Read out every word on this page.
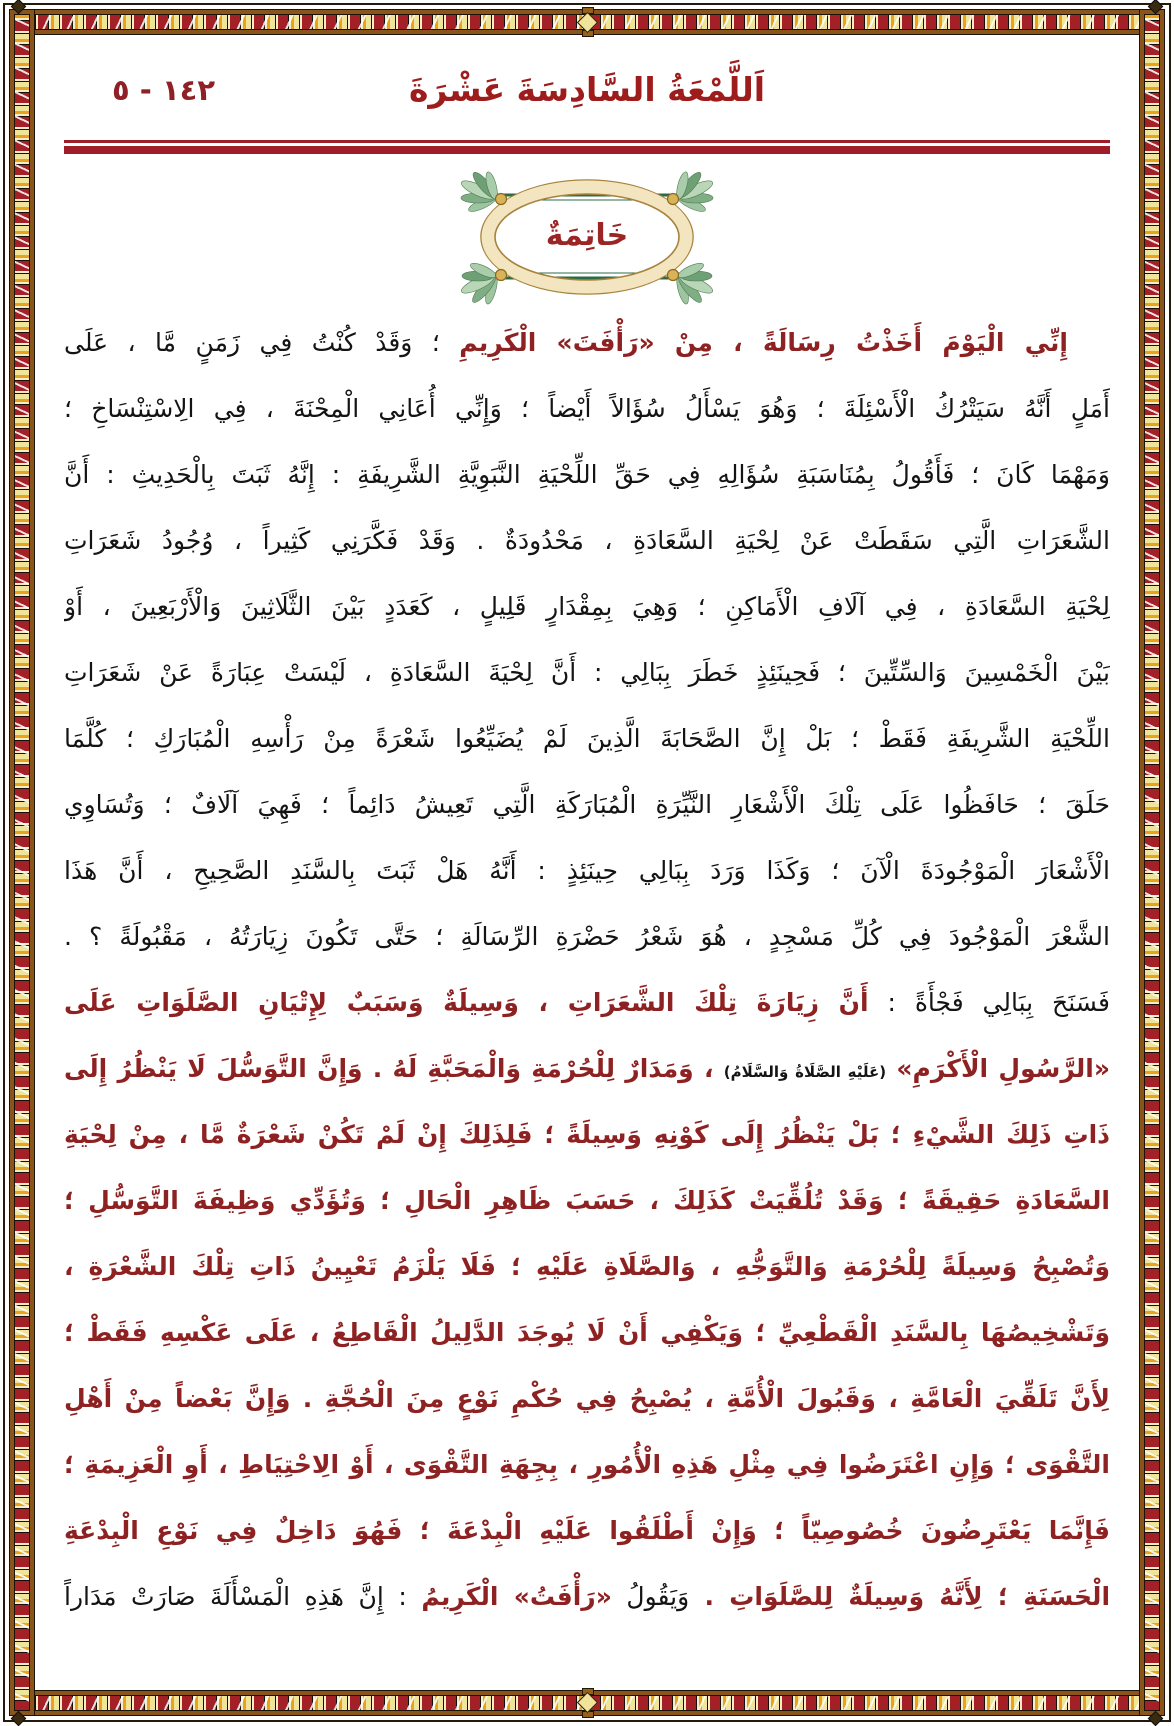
١٤٢ - ٥	اَللَّمْعَةُ السَّادِسَةَ عَشْرَةَ
خَاتِمَةٌ
إِنِّي الْيَوْمَ أَخَذْتُ رِسَالَةً ، مِنْ «رَأْفَتَ» الْكَرِيمِ ؛ وَقَدْ كُنْتُ فِي زَمَنٍ مَّا ، عَلَى
أَمَلٍ أَنَّهُ سَيَتْرُكُ الْأَسْئِلَةَ ؛ وَهُوَ يَسْأَلُ سُؤَالاً أَيْضاً ؛ وَإِنِّي أُعَانِي الْمِحْنَةَ ، فِي الِاسْتِنْسَاخِ ؛
وَمَهْمَا كَانَ ؛ فَأَقُولُ بِمُنَاسَبَةِ سُؤَالِهِ فِي حَقِّ اللِّحْيَةِ النَّبَوِيَّةِ الشَّرِيفَةِ : إِنَّهُ ثَبَتَ بِالْحَدِيثِ : أَنَّ
الشَّعَرَاتِ الَّتِي سَقَطَتْ عَنْ لِحْيَةِ السَّعَادَةِ ، مَحْدُودَةٌ . وَقَدْ فَكَّرَنِي كَثِيراً ، وُجُودُ شَعَرَاتِ
لِحْيَةِ السَّعَادَةِ ، فِي آلَافِ الْأَمَاكِنِ ؛ وَهِيَ بِمِقْدَارٍ قَلِيلٍ ، كَعَدَدٍ بَيْنَ الثَّلَاثِينَ وَالْأَرْبَعِينَ ، أَوْ
بَيْنَ الْخَمْسِينَ وَالسِّتِّينَ ؛ فَحِينَئِذٍ خَطَرَ بِبَالِي : أَنَّ لِحْيَةَ السَّعَادَةِ ، لَيْسَتْ عِبَارَةً عَنْ شَعَرَاتِ
اللِّحْيَةِ الشَّرِيفَةِ فَقَطْ ؛ بَلْ إِنَّ الصَّحَابَةَ الَّذِينَ لَمْ يُضَيِّعُوا شَعْرَةً مِنْ رَأْسِهِ الْمُبَارَكِ ؛ كُلَّمَا
حَلَقَ ؛ حَافَظُوا عَلَى تِلْكَ الْأَشْعَارِ النَّيِّرَةِ الْمُبَارَكَةِ الَّتِي تَعِيشُ دَائِماً ؛ فَهِيَ آلَافٌ ؛ وَتُسَاوِي
الْأَشْعَارَ الْمَوْجُودَةَ الْآنَ ؛ وَكَذَا وَرَدَ بِبَالِي حِينَئِذٍ : أَنَّهُ هَلْ ثَبَتَ بِالسَّنَدِ الصَّحِيحِ ، أَنَّ هَذَا
الشَّعْرَ الْمَوْجُودَ فِي كُلِّ مَسْجِدٍ ، هُوَ شَعْرُ حَضْرَةِ الرِّسَالَةِ ؛ حَتَّى تَكُونَ زِيَارَتُهُ ، مَقْبُولَةً ؟ .
فَسَنَحَ بِبَالِي فَجْأَةً : أَنَّ زِيَارَةَ تِلْكَ الشَّعَرَاتِ ، وَسِيلَةٌ وَسَبَبٌ لِإِتْيَانِ الصَّلَوَاتِ عَلَى
«الرَّسُولِ الْأَكْرَمِ» (عَلَيْهِ الصَّلَاةُ وَالسَّلَامُ) ، وَمَدَارٌ لِلْحُرْمَةِ وَالْمَحَبَّةِ لَهُ . وَإِنَّ التَّوَسُّلَ لَا يَنْظُرُ إِلَى
ذَاتِ ذَلِكَ الشَّيْءِ ؛ بَلْ يَنْظُرُ إِلَى كَوْنِهِ وَسِيلَةً ؛ فَلِذَلِكَ إِنْ لَمْ تَكُنْ شَعْرَةٌ مَّا ، مِنْ لِحْيَةِ
السَّعَادَةِ حَقِيقَةً ؛ وَقَدْ تُلُقِّيَتْ كَذَلِكَ ، حَسَبَ ظَاهِرِ الْحَالِ ؛ وَتُؤَدِّي وَظِيفَةَ التَّوَسُّلِ ؛
وَتُصْبِحُ وَسِيلَةً لِلْحُرْمَةِ وَالتَّوَجُّهِ ، وَالصَّلَاةِ عَلَيْهِ ؛ فَلَا يَلْزَمُ تَعْيِينُ ذَاتِ تِلْكَ الشَّعْرَةِ ،
وَتَشْخِيصُهَا بِالسَّنَدِ الْقَطْعِيِّ ؛ وَيَكْفِي أَنْ لَا يُوجَدَ الدَّلِيلُ الْقَاطِعُ ، عَلَى عَكْسِهِ فَقَطْ ؛
لِأَنَّ تَلَقِّيَ الْعَامَّةِ ، وَقَبُولَ الْأُمَّةِ ، يُصْبِحُ فِي حُكْمِ نَوْعٍ مِنَ الْحُجَّةِ . وَإِنَّ بَعْضاً مِنْ أَهْلِ
التَّقْوَى ؛ وَإِنِ اعْتَرَضُوا فِي مِثْلِ هَذِهِ الْأُمُورِ ، بِجِهَةِ التَّقْوَى ، أَوْ الِاحْتِيَاطِ ، أَوِ الْعَزِيمَةِ ؛
فَإِنَّمَا يَعْتَرِضُونَ خُصُوصِيّاً ؛ وَإِنْ أَطْلَقُوا عَلَيْهِ الْبِدْعَةَ ؛ فَهُوَ دَاخِلٌ فِي نَوْعِ الْبِدْعَةِ
الْحَسَنَةِ ؛ لِأَنَّهُ وَسِيلَةٌ لِلصَّلَوَاتِ . وَيَقُولُ «رَأْفَتُ» الْكَرِيمُ : إِنَّ هَذِهِ الْمَسْأَلَةَ صَارَتْ مَدَاراً
